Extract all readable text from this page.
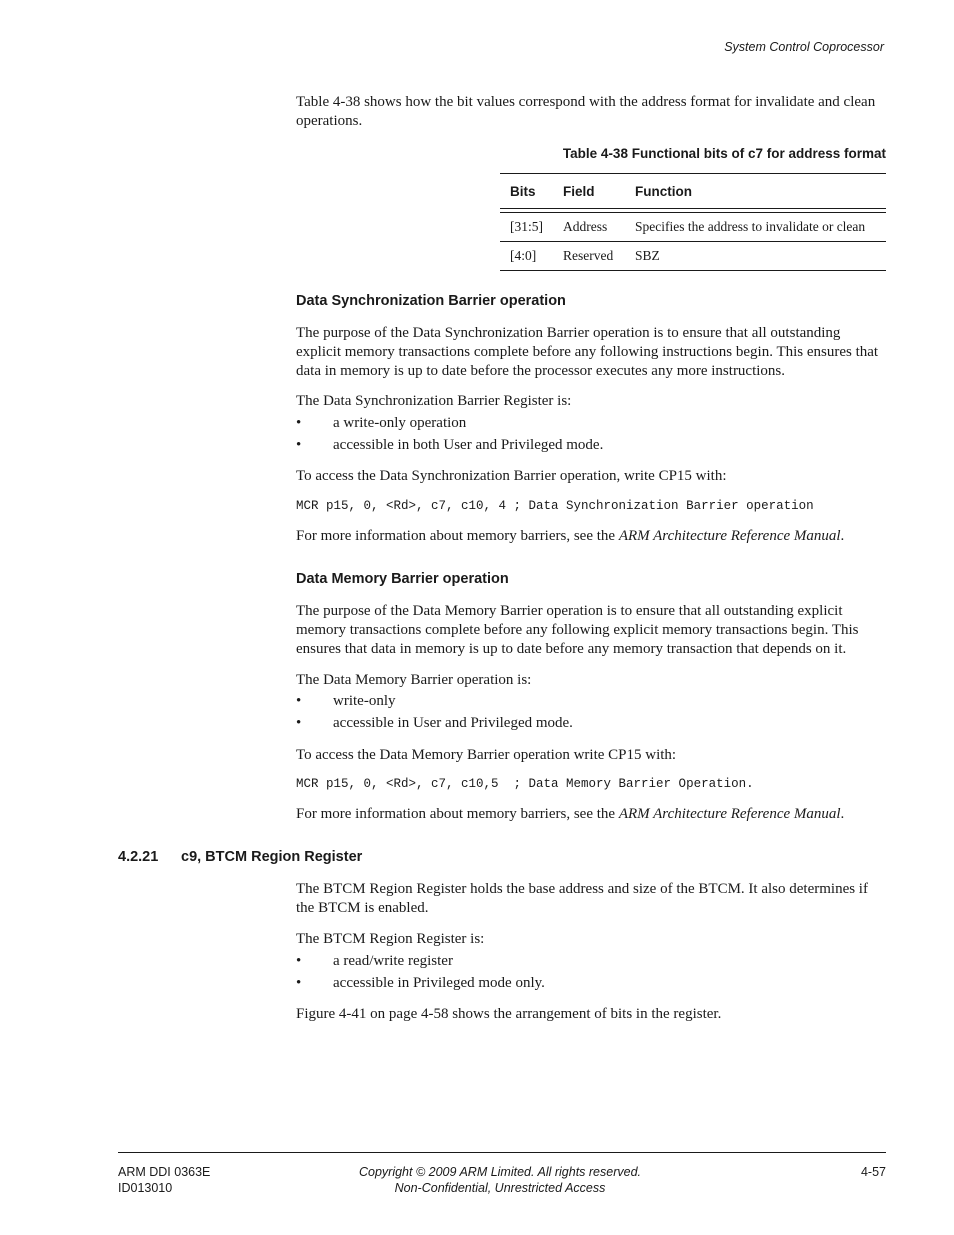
System Control Coprocessor

Table 4-38 shows how the bit values correspond with the address format for invalidate and clean operations.

Table 4-38 Functional bits of c7 for address format
Bits	Field	Function

[31:5]	Address	Specifies the address to invalidate or clean
[4:0]	Reserved	SBZ
Data Synchronization Barrier operation

The purpose of the Data Synchronization Barrier operation is to ensure that all outstanding explicit memory transactions complete before any following instructions begin. This ensures that data in memory is up to date before the processor executes any more instructions.

The Data Synchronization Barrier Register is:
• a write-only operation
• accessible in both User and Privileged mode.
To access the Data Synchronization Barrier operation, write CP15 with:
MCR p15, 0, <Rd>, c7, c10, 4 ; Data Synchronization Barrier operation
For more information about memory barriers, see the ARM Architecture Reference Manual.
Data Memory Barrier operation

The purpose of the Data Memory Barrier operation is to ensure that all outstanding explicit memory transactions complete before any following explicit memory transactions begin. This ensures that data in memory is up to date before any memory transaction that depends on it.

The Data Memory Barrier operation is:
• write-only
• accessible in User and Privileged mode.
To access the Data Memory Barrier operation write CP15 with:
MCR p15, 0, <Rd>, c7, c10,5  ; Data Memory Barrier Operation.
For more information about memory barriers, see the ARM Architecture Reference Manual.
4.2.21 c9, BTCM Region Register

The BTCM Region Register holds the base address and size of the BTCM. It also determines if the BTCM is enabled.

The BTCM Region Register is:
• a read/write register
• accessible in Privileged mode only.
Figure 4-41 on page 4-58 shows the arrangement of bits in the register.
ARM DDI 0363E
ID013010
Copyright © 2009 ARM Limited. All rights reserved.
Non-Confidential, Unrestricted Access
4-57
